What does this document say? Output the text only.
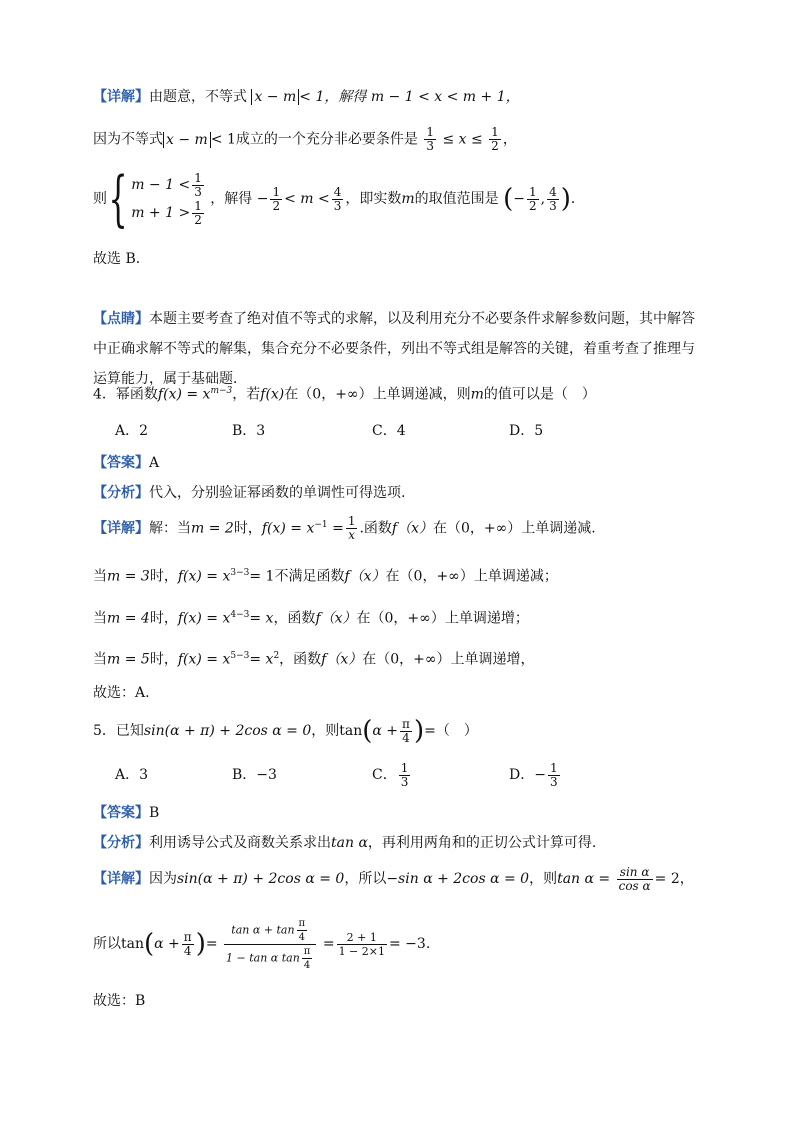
【详解】由题意，不等式 x − m < 1，解得 m − 1 < x < m + 1，
因为不等式 x − m < 1成立的一个充分非必要条件是 $\frac{1}{3} \le x \le \frac{1}{2}$ ，
则{ $m - 1 < \frac{1}{3}$
$m + 1 > \frac{1}{2}$
，解得 − $\frac{1}{2} < m < \frac{4}{3}$ ，即实数m的取值范围是 (− $\frac{1}{2}$ , $\frac{4}{3}$ )．
故选 B．
【点睛】本题主要考查了绝对值不等式的求解，以及利用充分不必要条件求解参数问题，其中解答
中正确求解不等式的解集，集合充分不必要条件，列出不等式组是解答的关键，着重考查了推理与
运算能力，属于基础题．
4．幂函数$f(x) = x^{m-3}$，若f(x)在（0，+∞）上单调递减，则m的值可以是（　）
A．2	B．3	C．4	D．5
【答案】A
【分析】代入，分别验证幂函数的单调性可得选项.
【详解】解：当m = 2时，$f(x) = x^{-1} = \frac{1}{x}$ .函数f（x）在（0，+∞）上单调递减.
当m = 3时，$f(x) = x^{3-3}= 1$不满足函数f（x）在（0，+∞）上单调递减；
当m = 4时，$f(x) = x^{4-3}= x$，函数f（x）在（0，+∞）上单调递增；
当m = 5时，$f(x) = x^{5-3}= x^2$，函数f（x）在（0，+∞）上单调递增，
故选：A.
5．已知sin(α + π) + 2cos α = 0，则$\tan(\alpha + \frac{\pi}{4}$ )=（　）
A．3	B．−3	C． $\frac{1}{3}$	D．− $\frac{1}{3}$
【答案】B
【分析】利用诱导公式及商数关系求出tan α，再利用两角和的正切公式计算可得.
【详解】因为sin(α + π) + 2cos α = 0，所以−sin α + 2cos α = 0，则$\tan \alpha = \frac{\text{sin α}}{\text{cos α}} = 2$，
所以$\tan(\alpha + \frac{\pi}{4}$ )= $\frac{\tan \alpha + \tan \frac{\pi}{4}}{1 - \tan \alpha \tan \frac{\pi}{4}} = \frac{2 + 1}{1 - 2\times 1} = -3$.
故选：B
